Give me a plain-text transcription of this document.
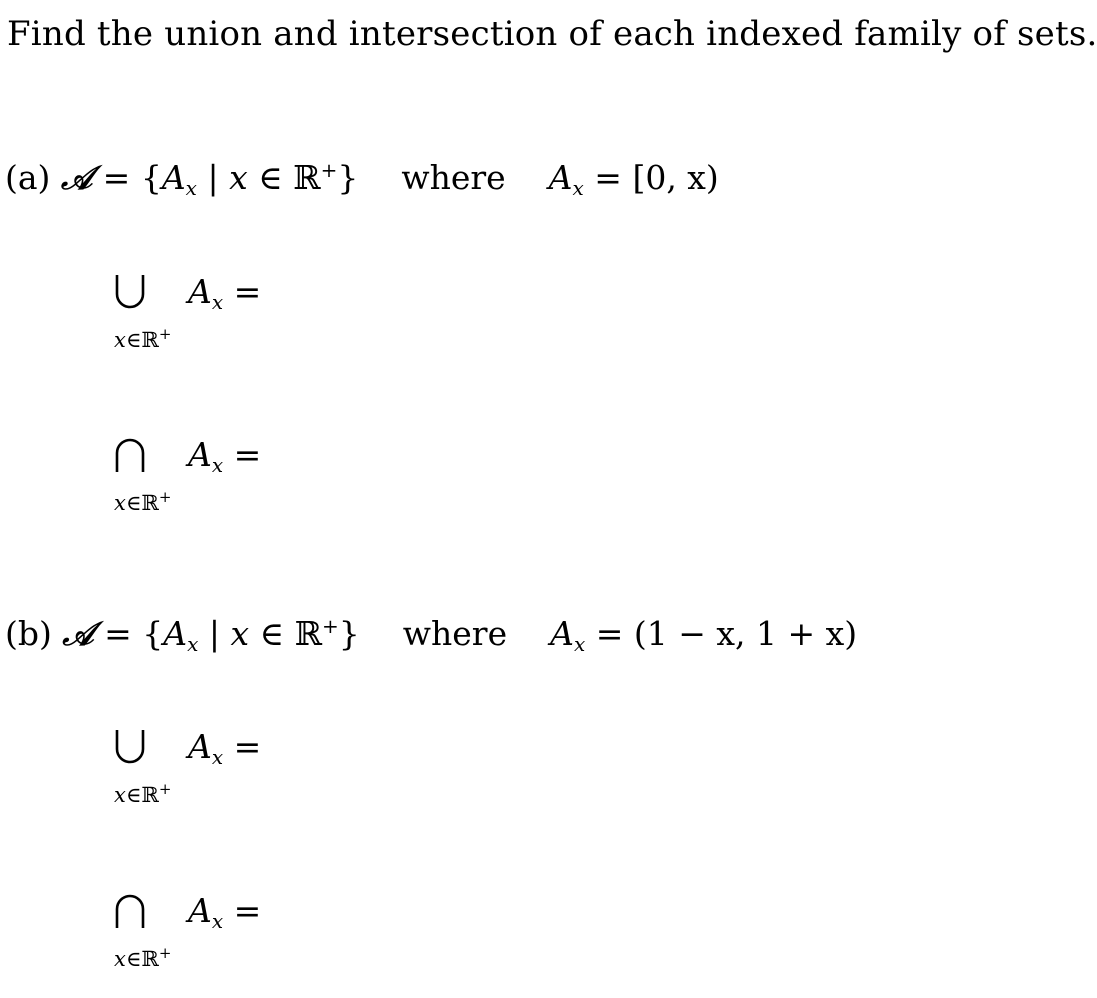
Find the union and intersection of each indexed family of sets.
(a) 𝒜 = {$A_x$ | x ∈ ℝ+} where $A_x = [0$, x)
$A_x$ =
x∈ℝ+
$A_x$ =
x∈ℝ+
(b) 𝒜 = {$A_x$ | x ∈ ℝ+} where $A_x = (1 - x$, 1 + x)
$A_x$ =
x∈ℝ+
$A_x$ =
x∈ℝ+
